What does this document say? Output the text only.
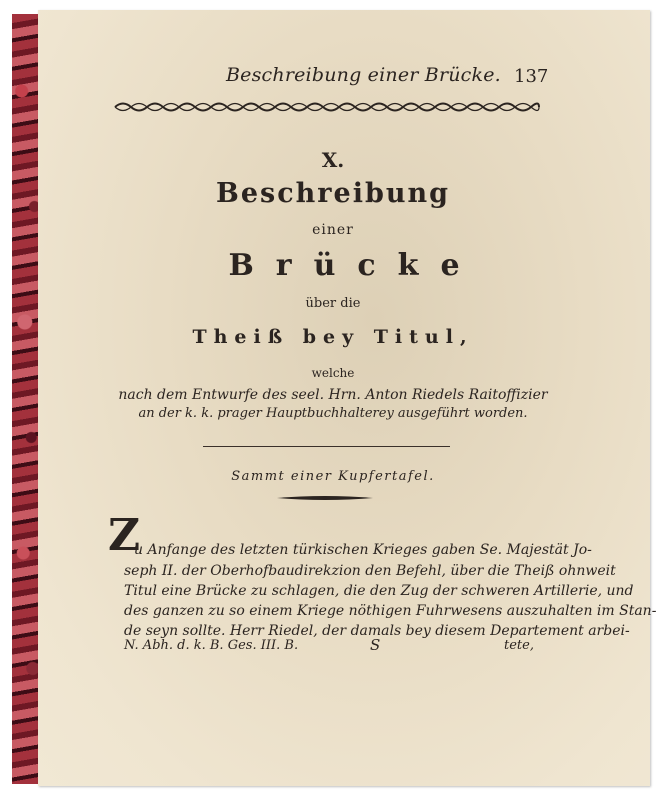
Beschreibung einer Brücke. 137
X.
Beschreibung
einer
Brücke
über die
Theiß bey Titul,
welche
nach dem Entwurfe des seel. Hrn. Anton Riedels Raitoffizier
an der k. k. prager Hauptbuchhalterey ausgeführt worden.
Sammt einer Kupfertafel.
Z
u Anfange des letzten türkischen Krieges gaben Se. Majestät Jo-
seph II. der Oberhofbaudirekzion den Befehl, über die Theiß ohnweit
Titul eine Brücke zu schlagen, die den Zug der schweren Artillerie, und
des ganzen zu so einem Kriege nöthigen Fuhrwesens auszuhalten im Stan-
de seyn sollte. Herr Riedel, der damals bey diesem Departement arbei-
N. Abh. d. k. B. Ges. III. B.	S	tete,
